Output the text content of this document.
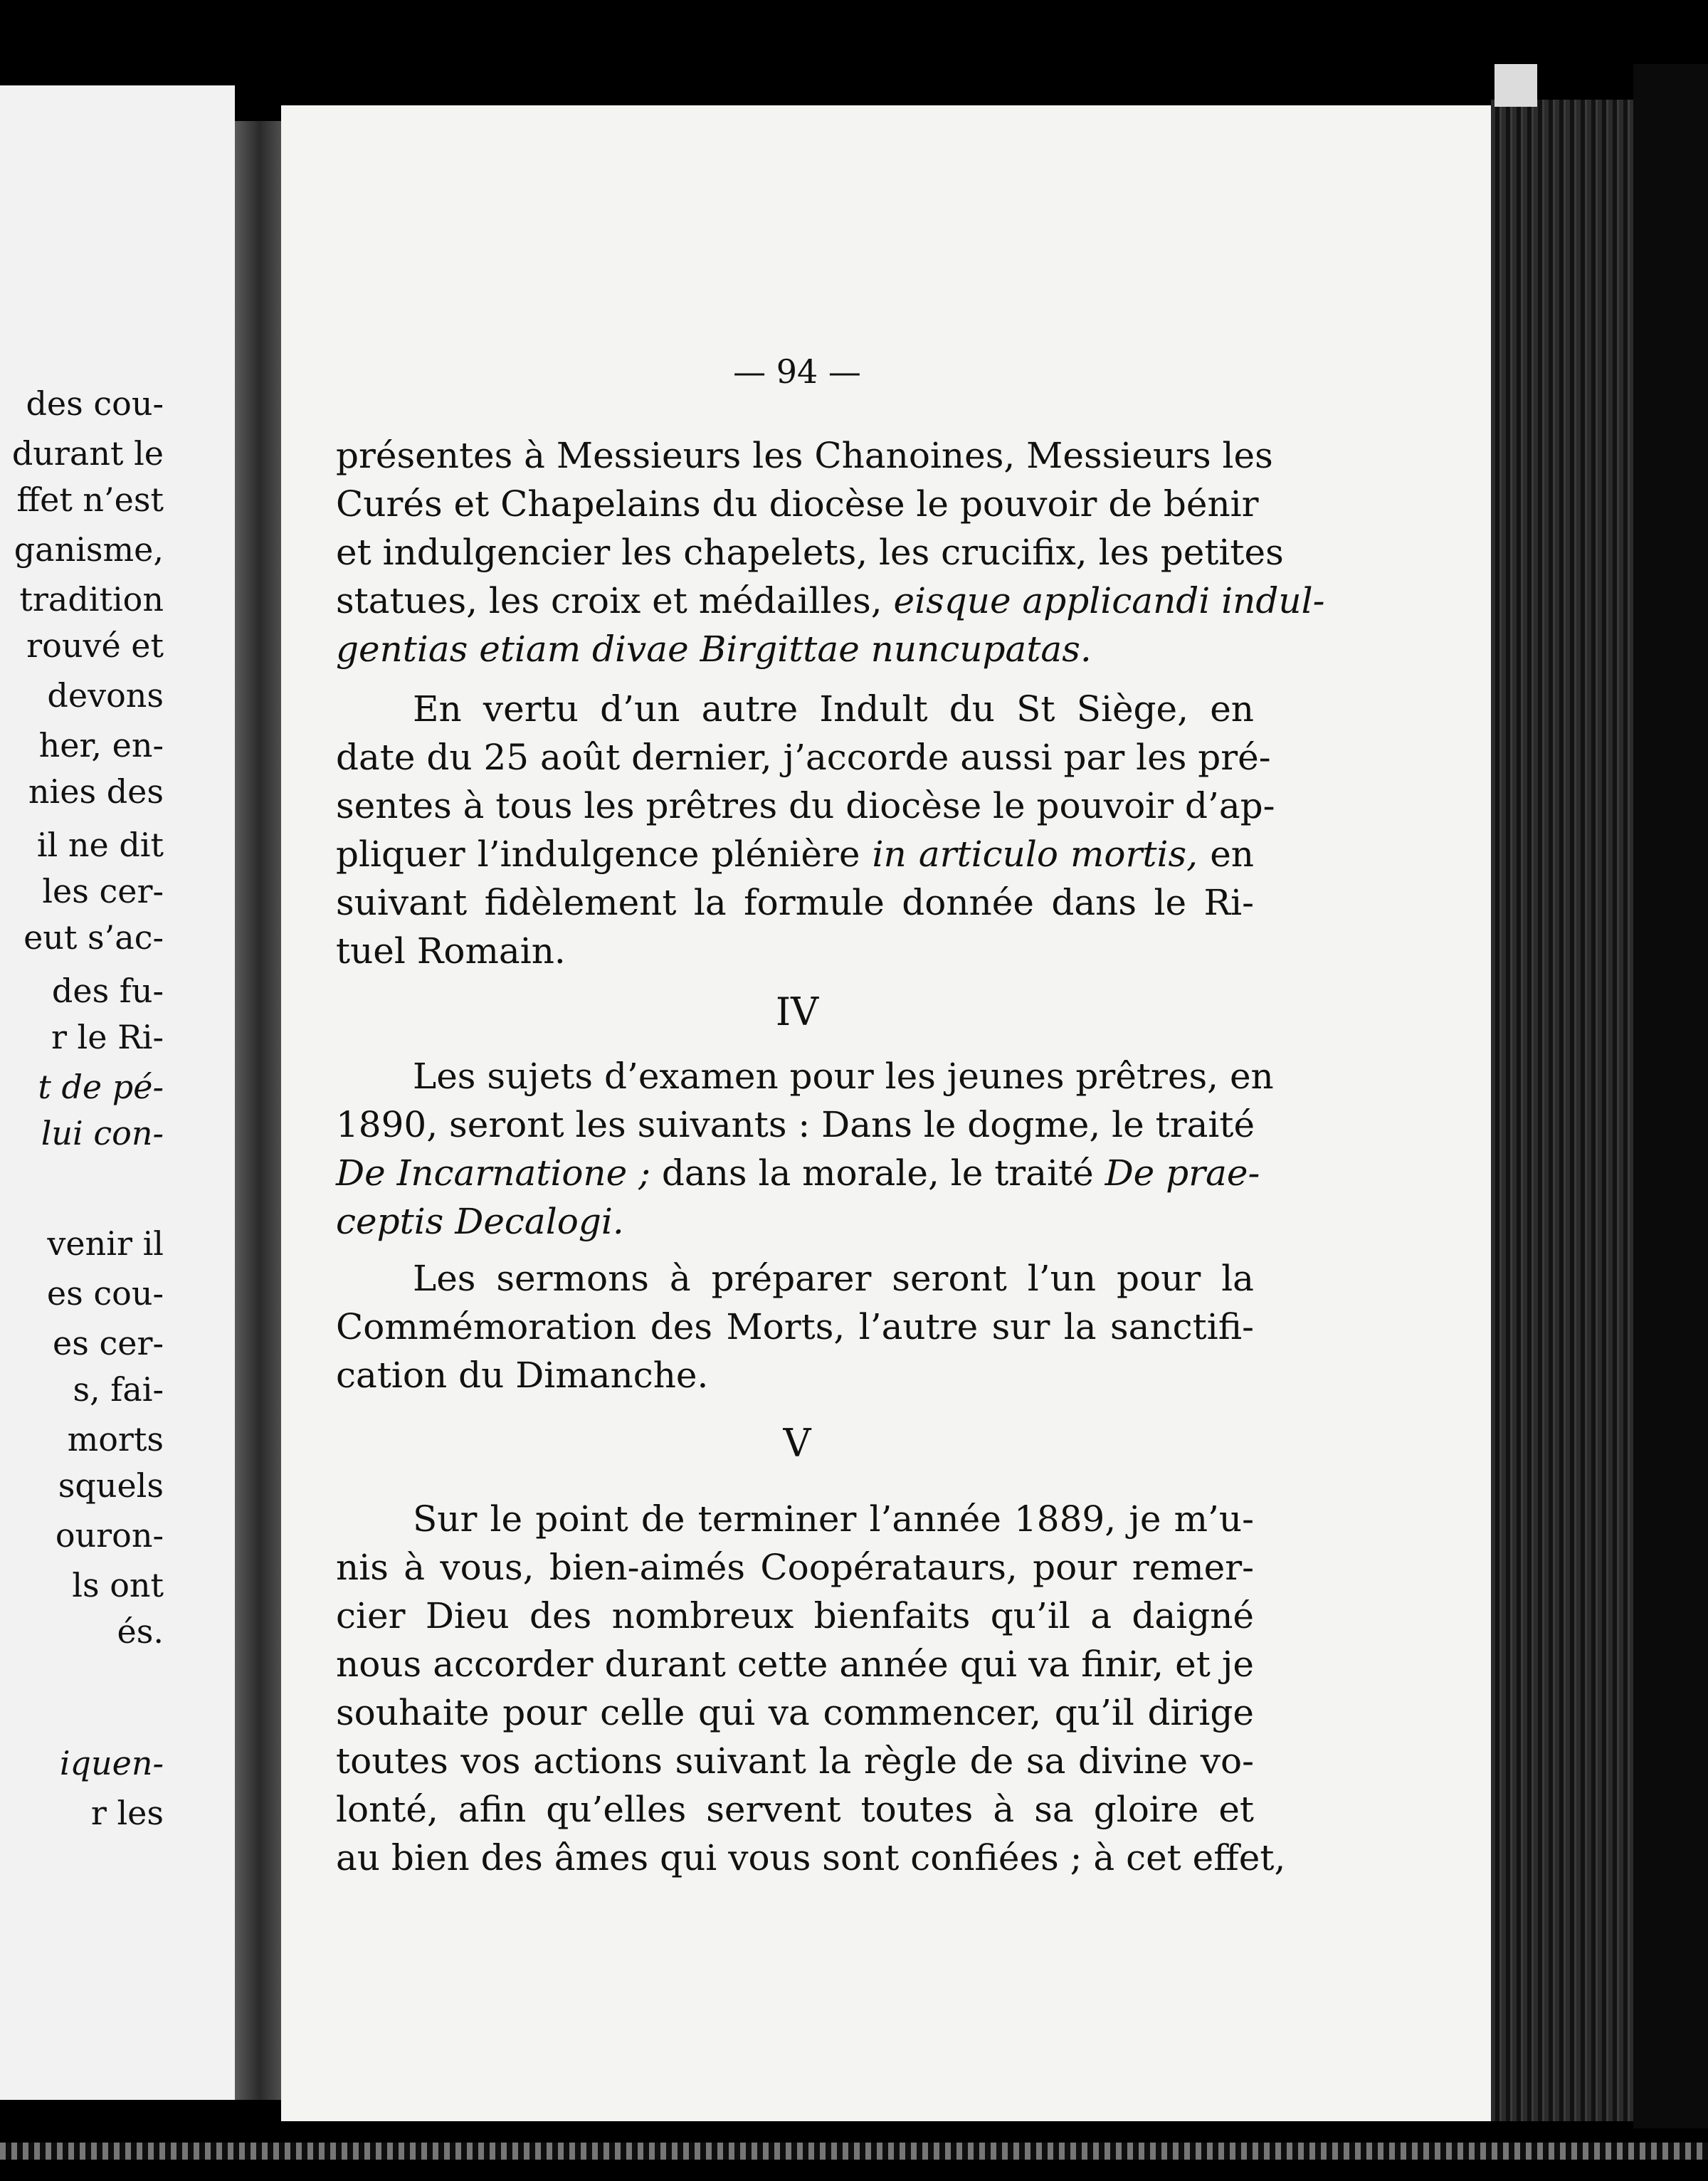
des cou-
durant le
ffet n’est
ganisme,
tradition
rouvé et
devons
her, en-
nies des
il ne dit
les cer-
eut s’ac-
des fu-
r le Ri-
t de pé-
lui con-
venir il
es cou-
es cer-
s, fai-
morts
squels
ouron-
ls ont
és.
iquen-
r les
— 94 —
présentes à Messieurs les Chanoines, Messieurs les
Curés et Chapelains du diocèse le pouvoir de bénir
et indulgencier les chapelets, les crucifix, les petites
statues, les croix et médailles, eisque applicandi indul-
gentias etiam divae Birgittae nuncupatas.
En vertu d’un autre Indult du St Siège, en
date du 25 août dernier, j’accorde aussi par les pré-
sentes à tous les prêtres du diocèse le pouvoir d’ap-
pliquer l’indulgence plénière in articulo mortis, en
suivant fidèlement la formule donnée dans le Ri-
tuel Romain.
IV
Les sujets d’examen pour les jeunes prêtres, en
1890, seront les suivants : Dans le dogme, le traité
De Incarnatione ; dans la morale, le traité De prae-
ceptis Decalogi.
Les sermons à préparer seront l’un pour la
Commémoration des Morts, l’autre sur la sanctifi-
cation du Dimanche.
V
Sur le point de terminer l’année 1889, je m’u-
nis à vous, bien-aimés Coopérataurs, pour remer-
cier Dieu des nombreux bienfaits qu’il a daigné
nous accorder durant cette année qui va finir, et je
souhaite pour celle qui va commencer, qu’il dirige
toutes vos actions suivant la règle de sa divine vo-
lonté, afin qu’elles servent toutes à sa gloire et
au bien des âmes qui vous sont confiées ; à cet effet,
